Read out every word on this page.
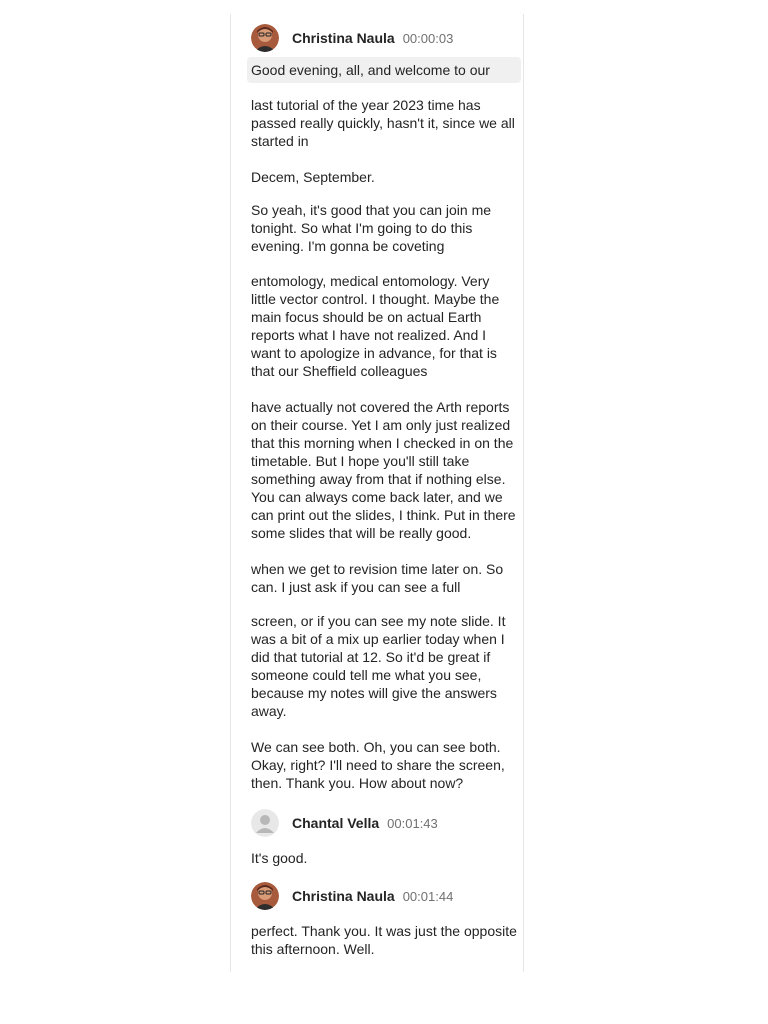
Christina Naula 00:00:03
Good evening, all, and welcome to our
last tutorial of the year 2023 time has passed really quickly, hasn't it, since we all started in
Decem, September.
So yeah, it's good that you can join me tonight. So what I'm going to do this evening. I'm gonna be coveting
entomology, medical entomology. Very little vector control. I thought. Maybe the main focus should be on actual Earth reports what I have not realized. And I want to apologize in advance, for that is that our Sheffield colleagues
have actually not covered the Arth reports on their course. Yet I am only just realized that this morning when I checked in on the timetable. But I hope you'll still take something away from that if nothing else. You can always come back later, and we can print out the slides, I think. Put in there some slides that will be really good.
when we get to revision time later on. So can. I just ask if you can see a full
screen, or if you can see my note slide. It was a bit of a mix up earlier today when I did that tutorial at 12. So it'd be great if someone could tell me what you see, because my notes will give the answers away.
We can see both. Oh, you can see both. Okay, right? I'll need to share the screen, then. Thank you. How about now?
Chantal Vella 00:01:43
It's good.
Christina Naula 00:01:44
perfect. Thank you. It was just the opposite this afternoon. Well.
